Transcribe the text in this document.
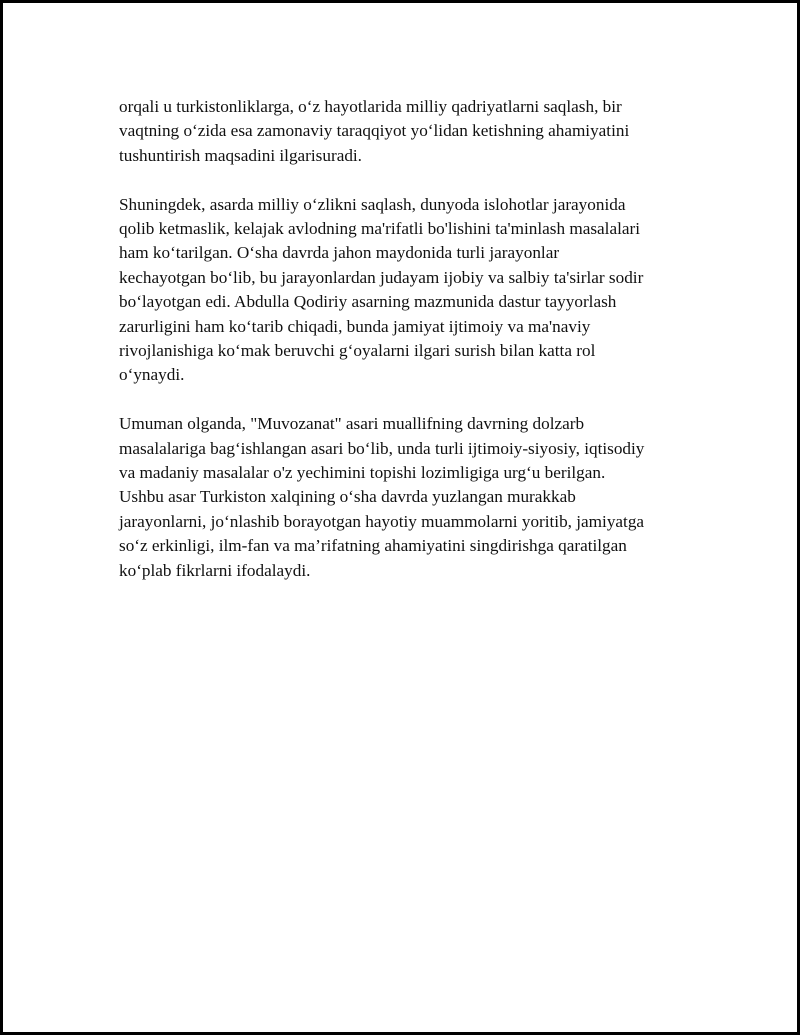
orqali u turkistonliklarga, o‘z hayotlarida milliy qadriyatlarni saqlash, bir
vaqtning o‘zida esa zamonaviy taraqqiyot yo‘lidan ketishning ahamiyatini
tushuntirish maqsadini ilgarisuradi.

Shuningdek, asarda milliy o‘zlikni saqlash, dunyoda islohotlar jarayonida
qolib ketmaslik, kelajak avlodning ma'rifatli bo'lishini ta'minlash masalalari
ham ko‘tarilgan. O‘sha davrda jahon maydonida turli jarayonlar
kechayotgan bo‘lib, bu jarayonlardan judayam ijobiy va salbiy ta'sirlar sodir
bo‘layotgan edi. Abdulla Qodiriy asarning mazmunida dastur tayyorlash
zarurligini ham ko‘tarib chiqadi, bunda jamiyat ijtimoiy va ma'naviy
rivojlanishiga ko‘mak beruvchi g‘oyalarni ilgari surish bilan katta rol
o‘ynaydi.

Umuman olganda, "Muvozanat" asari muallifning davrning dolzarb
masalalariga bag‘ishlangan asari bo‘lib, unda turli ijtimoiy-siyosiy, iqtisodiy
va madaniy masalalar o'z yechimini topishi lozimligiga urg‘u berilgan.
Ushbu asar Turkiston xalqining o‘sha davrda yuzlangan murakkab
jarayonlarni, jo‘nlashib borayotgan hayotiy muammolarni yoritib, jamiyatga
so‘z erkinligi, ilm-fan va ma’rifatning ahamiyatini singdirishga qaratilgan
ko‘plab fikrlarni ifodalaydi.
